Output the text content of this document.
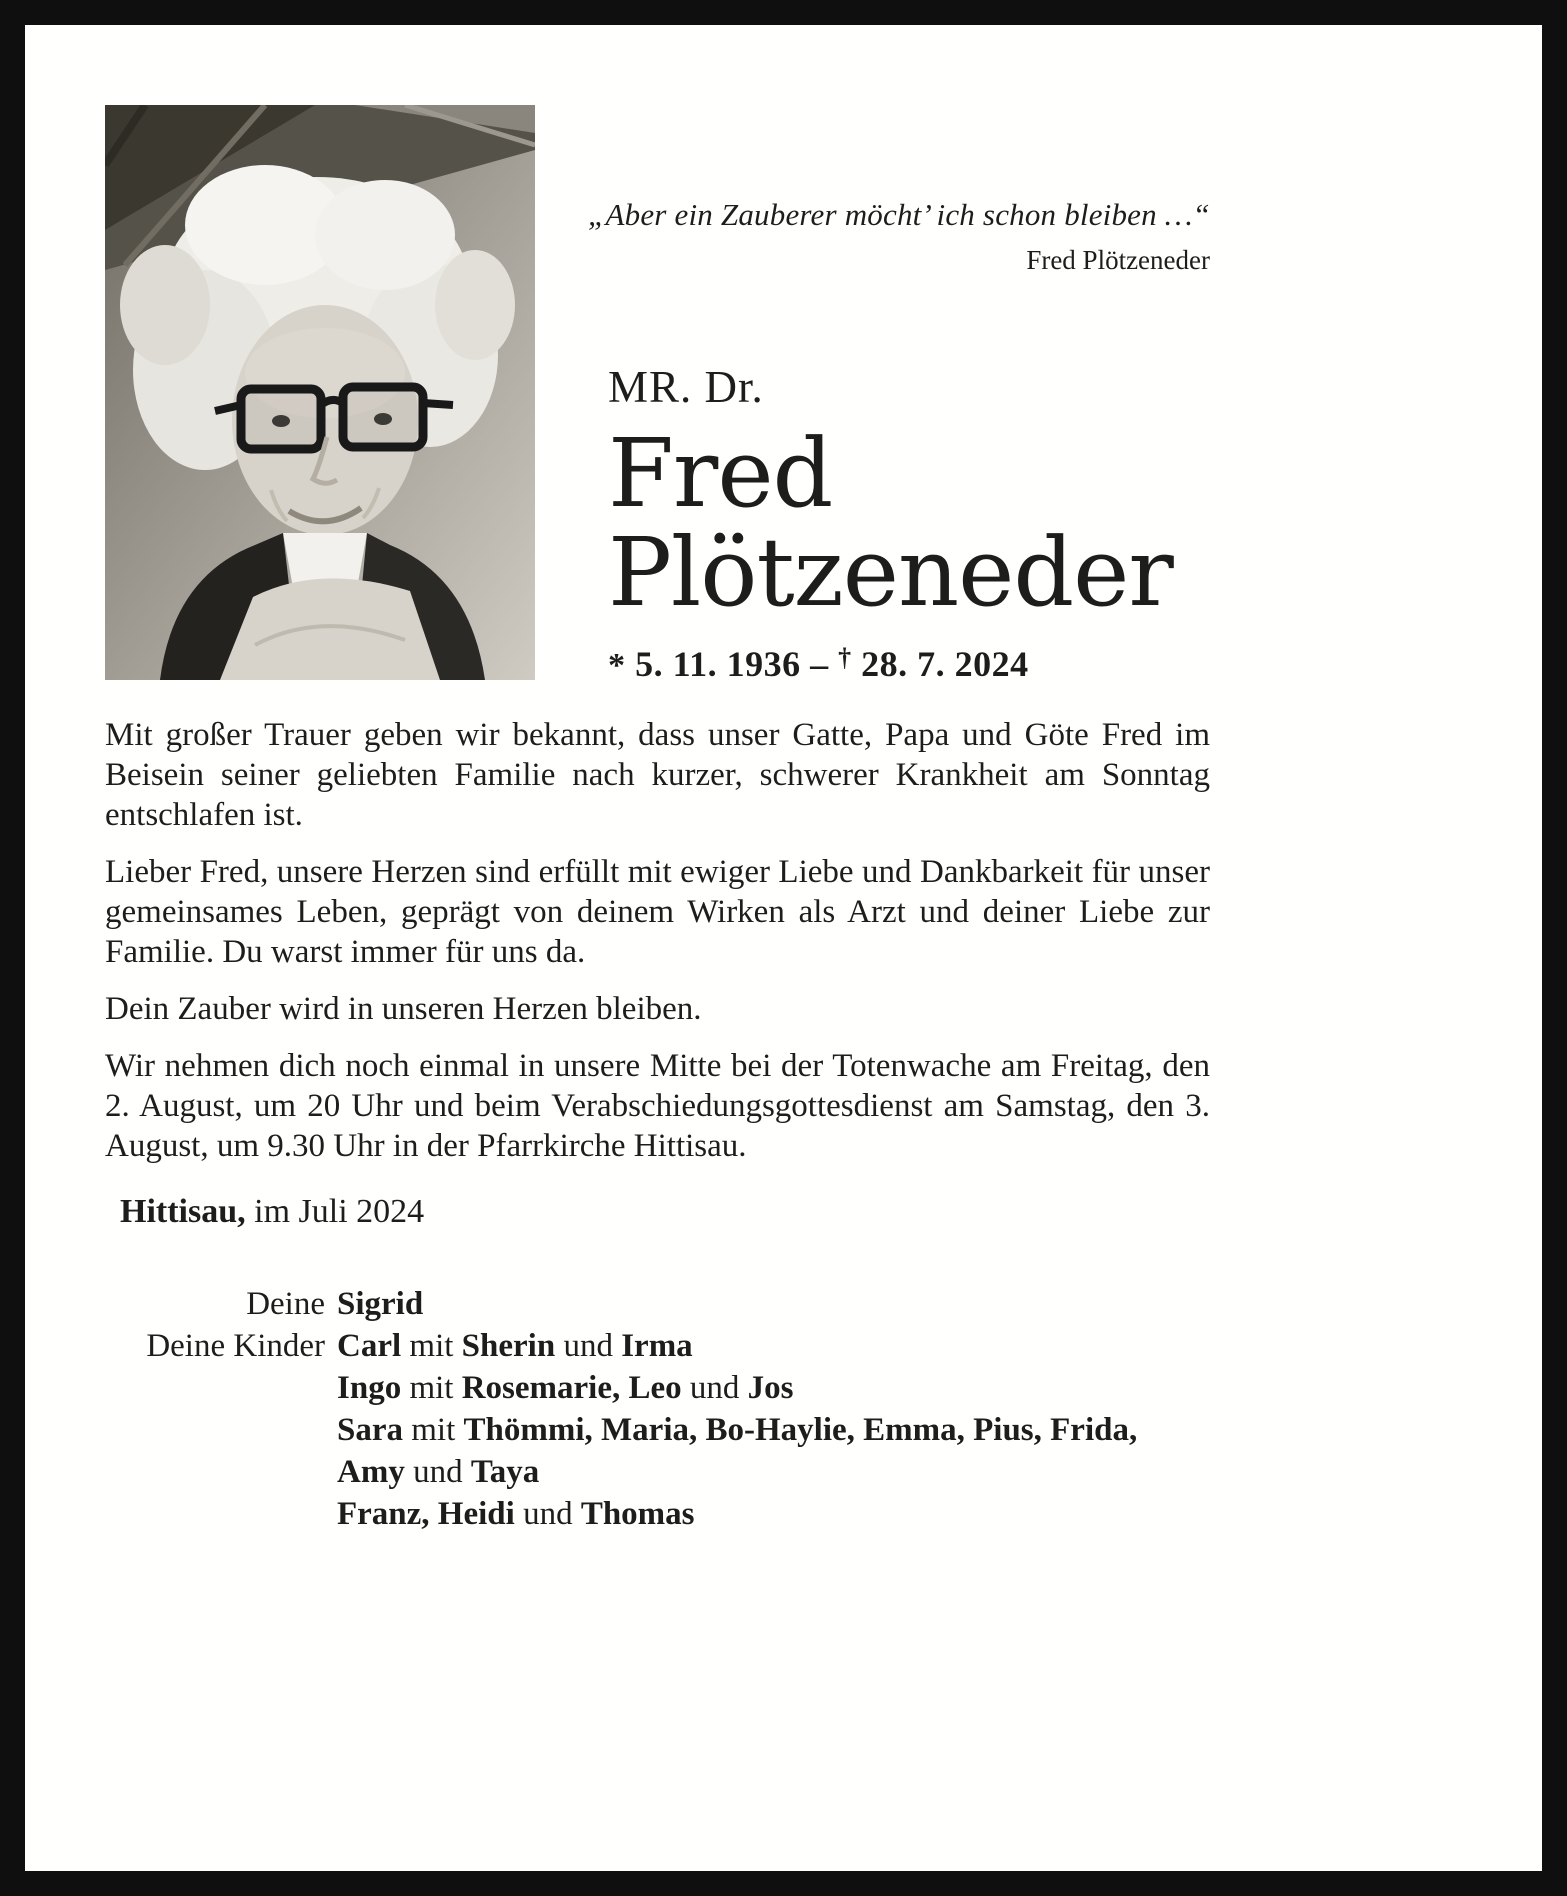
„Aber ein Zauberer möcht’ ich schon bleiben …“
Fred Plötzeneder
MR. Dr.
Fred
Plötzeneder
* 5. 11. 1936 – † 28. 7. 2024

Mit großer Trauer geben wir bekannt, dass unser Gatte, Papa und Göte Fred im Beisein seiner geliebten Familie nach kurzer, schwerer Krankheit am Sonntag entschlafen ist.

Lieber Fred, unsere Herzen sind erfüllt mit ewiger Liebe und Dankbarkeit für unser gemeinsames Leben, geprägt von deinem Wirken als Arzt und deiner Liebe zur Familie. Du warst immer für uns da.

Dein Zauber wird in unseren Herzen bleiben.

Wir nehmen dich noch einmal in unsere Mitte bei der Totenwache am Freitag, den 2. August, um 20 Uhr und beim Verabschiedungsgottesdienst am Samstag, den 3. August, um 9.30 Uhr in der Pfarrkirche Hittisau.

Hittisau, im Juli 2024
Deine Sigrid
Deine Kinder Carl mit Sherin und Irma
Ingo mit Rosemarie, Leo und Jos
Sara mit Thömmi, Maria, Bo-Haylie, Emma, Pius, Frida, Amy und Taya
Franz, Heidi und Thomas
